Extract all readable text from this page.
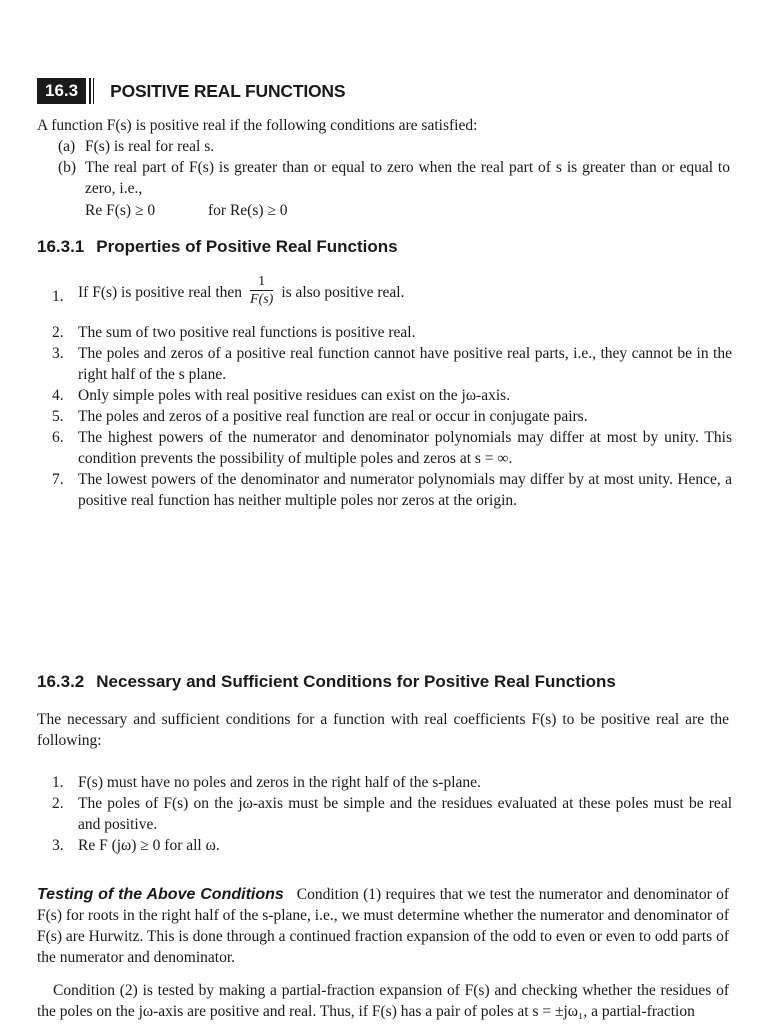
16.3	POSITIVE REAL FUNCTIONS
A function F(s) is positive real if the following conditions are satisfied:
(a) F(s) is real for real s.
(b) The real part of F(s) is greater than or equal to zero when the real part of s is greater than or equal to zero, i.e.,
Re F(s) ≥ 0	for Re(s) ≥ 0
16.3.1 Properties of Positive Real Functions
1. If F(s) is positive real then $\frac{1}{F(s)}$ is also positive real.
2. The sum of two positive real functions is positive real.
3. The poles and zeros of a positive real function cannot have positive real parts, i.e., they cannot be in the right half of the s plane.
4. Only simple poles with real positive residues can exist on the jω-axis.
5. The poles and zeros of a positive real function are real or occur in conjugate pairs.
6. The highest powers of the numerator and denominator polynomials may differ at most by unity. This condition prevents the possibility of multiple poles and zeros at s = ∞.
7. The lowest powers of the denominator and numerator polynomials may differ by at most unity. Hence, a positive real function has neither multiple poles nor zeros at the origin.
16.3.2 Necessary and Sufficient Conditions for Positive Real Functions
The necessary and sufficient conditions for a function with real coefficients F(s) to be positive real are the following:
1. F(s) must have no poles and zeros in the right half of the s-plane.
2. The poles of F(s) on the jω-axis must be simple and the residues evaluated at these poles must be real and positive.
3. Re F (jω) ≥ 0 for all ω.
Testing of the Above Conditions Condition (1) requires that we test the numerator and denominator of F(s) for roots in the right half of the s-plane, i.e., we must determine whether the numerator and denominator of F(s) are Hurwitz. This is done through a continued fraction expansion of the odd to even or even to odd parts of the numerator and denominator.
Condition (2) is tested by making a partial-fraction expansion of F(s) and checking whether the residues of the poles on the jω-axis are positive and real. Thus, if F(s) has a pair of poles at s = ±jω₁, a partial-fraction
